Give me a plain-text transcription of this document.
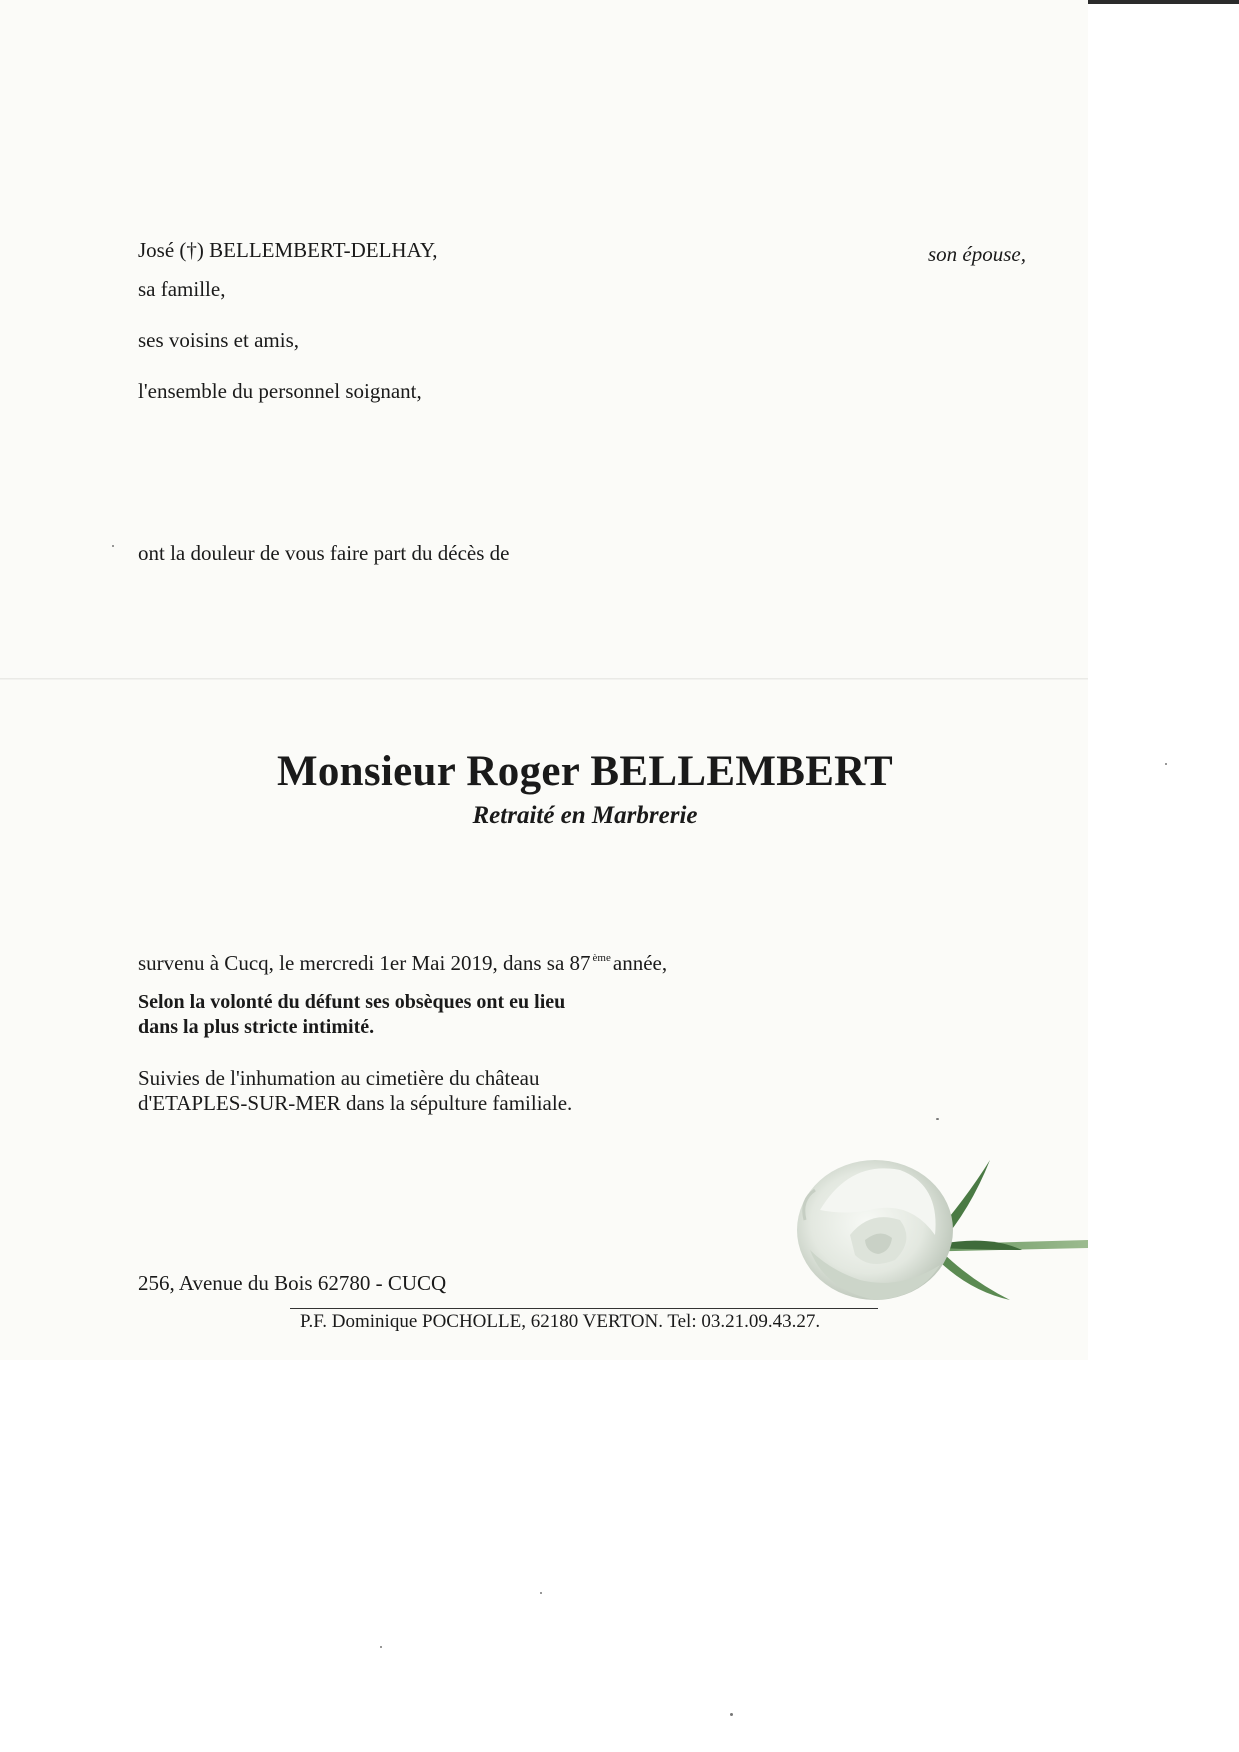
José (†) BELLEMBERT-DELHAY,	son épouse,
sa famille,
ses voisins et amis,
l'ensemble du personnel soignant,
ont la douleur de vous faire part du décès de
Monsieur Roger BELLEMBERT
Retraité en Marbrerie
survenu à Cucq, le mercredi 1er Mai 2019, dans sa 87 $^{ème}$année,
Selon la volonté du défunt ses obsèques ont eu lieu
dans la plus stricte intimité.
Suivies de l'inhumation au cimetière du château
d'ETAPLES-SUR-MER dans la sépulture familiale.
256, Avenue du Bois 62780 - CUCQ
P.F. Dominique POCHOLLE, 62180 VERTON. Tel: 03.21.09.43.27.
